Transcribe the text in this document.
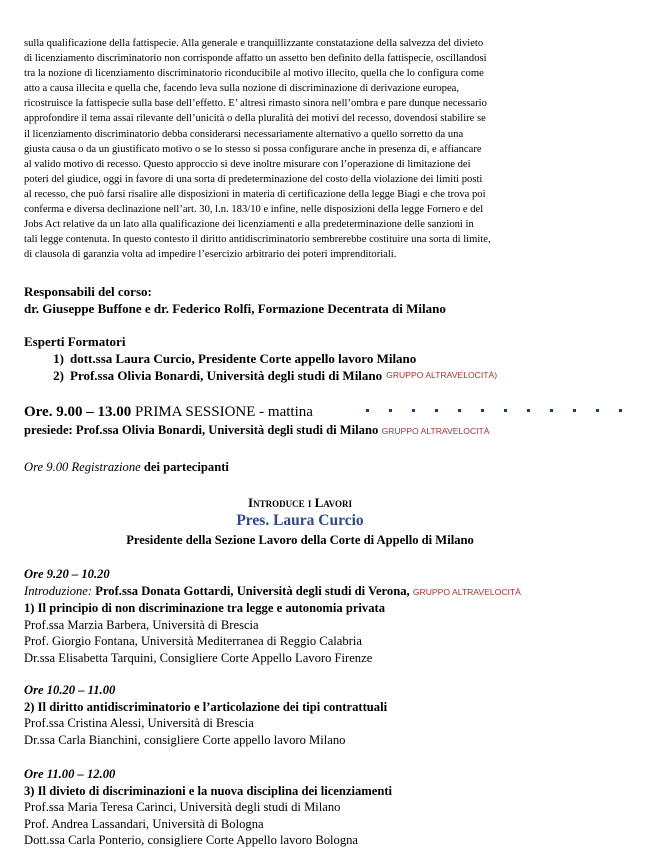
sulla qualificazione della fattispecie. Alla generale e tranquillizzante constatazione della salvezza del divieto
di licenziamento discriminatorio non corrisponde affatto un assetto ben definito della fattispecie, oscillandosi
tra la nozione di licenziamento discriminatorio riconducibile al motivo illecito, quella che lo configura come
atto a causa illecita e quella che, facendo leva sulla nozione di discriminazione di derivazione europea,
ricostruisce la fattispecie sulla base dell’effetto. E’ altresì rimasto sinora nell’ombra e pare dunque necessario
approfondire il tema assai rilevante dell’unicità o della pluralità dei motivi del recesso, dovendosi stabilire se
il licenziamento discriminatorio debba considerarsi necessariamente alternativo a quello sorretto da una
giusta causa o da un giustificato motivo o se lo stesso si possa configurare anche in presenza di, e affiancare
al valido motivo di recesso. Questo approccio si deve inoltre misurare con l’operazione di limitazione dei
poteri del giudice, oggi in favore di una sorta di predeterminazione del costo della violazione dei limiti posti
al recesso, che può farsi risalire alle disposizioni in materia di certificazione della legge Biagi e che trova poi
conferma e diversa declinazione nell’art. 30, l.n. 183/10 e infine, nelle disposizioni della legge Fornero e del
Jobs Act relative da un lato alla qualificazione dei licenziamenti e alla predeterminazione delle sanzioni in
tali legge contenuta. In questo contesto il diritto antidiscriminatorio sembrerebbe costituire una sorta di limite,
di clausola di garanzia volta ad impedire l’esercizio arbitrario dei poteri imprenditoriali.
Responsabili del corso:
dr. Giuseppe Buffone e dr. Federico Rolfi, Formazione Decentrata di Milano
Esperti Formatori
1) dott.ssa Laura Curcio, Presidente Corte appello lavoro Milano
2) Prof.ssa Olivia Bonardi, Università degli studi di Milano GRUPPO ALTRAVELOCITÀ)
Ore. 9.00 – 13.00 PRIMA SESSIONE - mattina
presiede: Prof.ssa Olivia Bonardi, Università degli studi di Milano GRUPPO ALTRAVELOCITÀ
Ore 9.00 Registrazione dei partecipanti
Introduce i Lavori
Pres. Laura Curcio
Presidente della Sezione Lavoro della Corte di Appello di Milano
Ore 9.20 – 10.20
Introduzione: Prof.ssa Donata Gottardi, Università degli studi di Verona, GRUPPO ALTRAVELOCITÀ
1) Il principio di non discriminazione tra legge e autonomia privata
Prof.ssa Marzia Barbera, Università di Brescia
Prof. Giorgio Fontana, Università Mediterranea di Reggio Calabria
Dr.ssa Elisabetta Tarquini, Consigliere Corte Appello Lavoro Firenze
Ore 10.20 – 11.00
2) Il diritto antidiscriminatorio e l’articolazione dei tipi contrattuali
Prof.ssa Cristina Alessi, Università di Brescia
Dr.ssa Carla Bianchini, consigliere Corte appello lavoro Milano
Ore 11.00 – 12.00
3) Il divieto di discriminazioni e la nuova disciplina dei licenziamenti
Prof.ssa Maria Teresa Carinci, Università degli studi di Milano
Prof. Andrea Lassandari, Università di Bologna
Dott.ssa Carla Ponterio, consigliere Corte Appello lavoro Bologna
